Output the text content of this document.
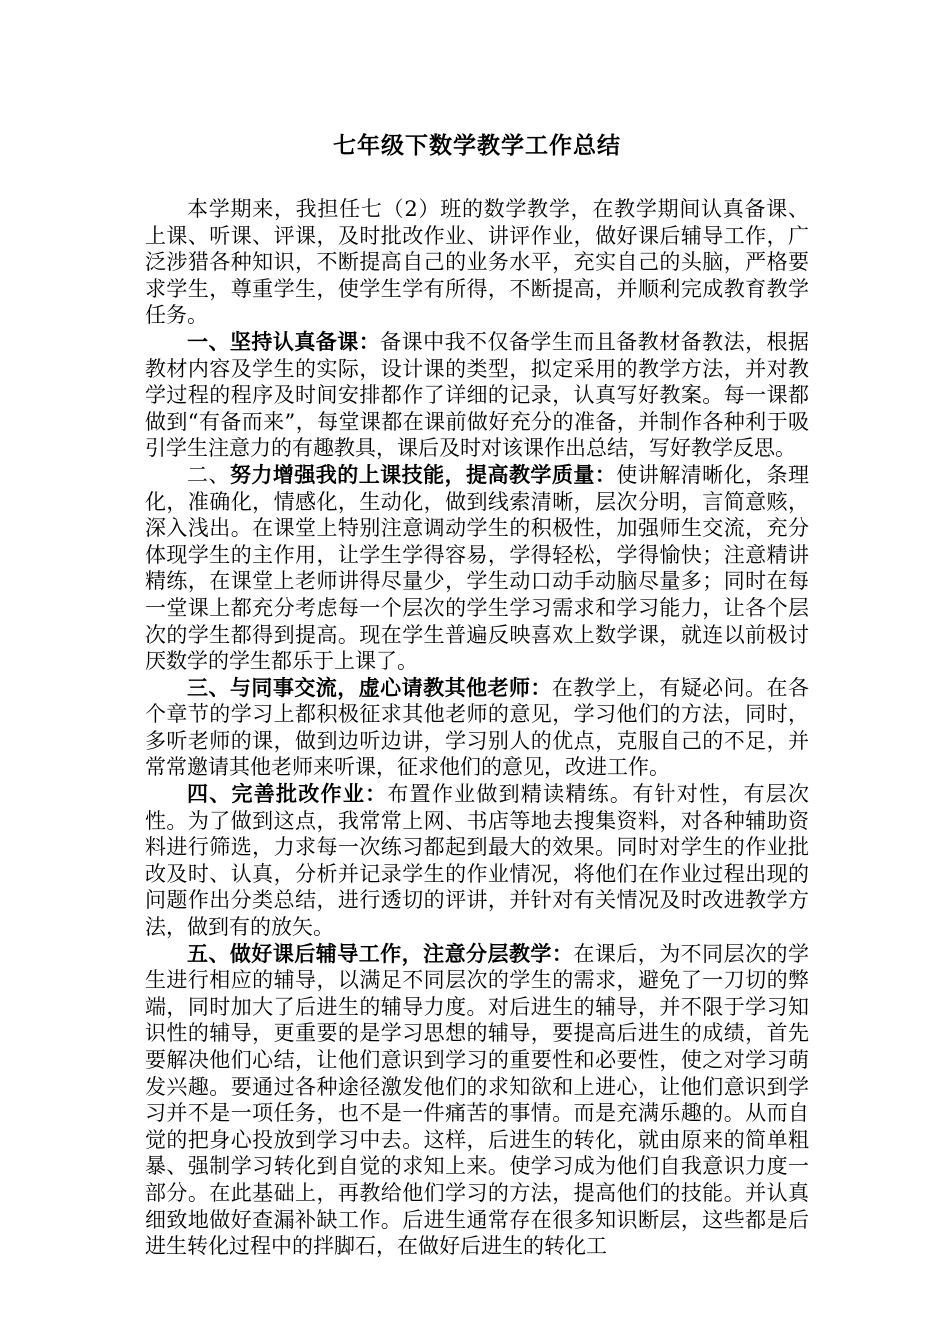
七年级下数学教学工作总结

本学期来，我担任七（2）班的数学教学，在教学期间认真备课、上课、听课、评课，及时批改作业、讲评作业，做好课后辅导工作，广泛涉猎各种知识，不断提高自己的业务水平，充实自己的头脑，严格要求学生，尊重学生，使学生学有所得，不断提高，并顺利完成教育教学任务。

一、坚持认真备课：备课中我不仅备学生而且备教材备教法，根据教材内容及学生的实际，设计课的类型，拟定采用的教学方法，并对教学过程的程序及时间安排都作了详细的记录，认真写好教案。每一课都做到“有备而来”，每堂课都在课前做好充分的准备，并制作各种利于吸引学生注意力的有趣教具，课后及时对该课作出总结，写好教学反思。

二、努力增强我的上课技能，提高教学质量：使讲解清晰化，条理化，准确化，情感化，生动化，做到线索清晰，层次分明，言简意赅，深入浅出。在课堂上特别注意调动学生的积极性，加强师生交流，充分体现学生的主作用，让学生学得容易，学得轻松，学得愉快；注意精讲精练，在课堂上老师讲得尽量少，学生动口动手动脑尽量多；同时在每一堂课上都充分考虑每一个层次的学生学习需求和学习能力，让各个层次的学生都得到提高。现在学生普遍反映喜欢上数学课，就连以前极讨厌数学的学生都乐于上课了。

三、与同事交流，虚心请教其他老师：在教学上，有疑必问。在各个章节的学习上都积极征求其他老师的意见，学习他们的方法，同时，多听老师的课，做到边听边讲，学习别人的优点，克服自己的不足，并常常邀请其他老师来听课，征求他们的意见，改进工作。

四、完善批改作业：布置作业做到精读精练。有针对性，有层次性。为了做到这点，我常常上网、书店等地去搜集资料，对各种辅助资料进行筛选，力求每一次练习都起到最大的效果。同时对学生的作业批改及时、认真，分析并记录学生的作业情况，将他们在作业过程出现的问题作出分类总结，进行透切的评讲，并针对有关情况及时改进教学方法，做到有的放矢。

五、做好课后辅导工作，注意分层教学：在课后，为不同层次的学生进行相应的辅导，以满足不同层次的学生的需求，避免了一刀切的弊端，同时加大了后进生的辅导力度。对后进生的辅导，并不限于学习知识性的辅导，更重要的是学习思想的辅导，要提高后进生的成绩，首先要解决他们心结，让他们意识到学习的重要性和必要性，使之对学习萌发兴趣。要通过各种途径激发他们的求知欲和上进心，让他们意识到学习并不是一项任务，也不是一件痛苦的事情。而是充满乐趣的。从而自觉的把身心投放到学习中去。这样，后进生的转化，就由原来的简单粗暴、强制学习转化到自觉的求知上来。使学习成为他们自我意识力度一部分。在此基础上，再教给他们学习的方法，提高他们的技能。并认真细致地做好查漏补缺工作。后进生通常存在很多知识断层，这些都是后进生转化过程中的拌脚石，在做好后进生的转化工
